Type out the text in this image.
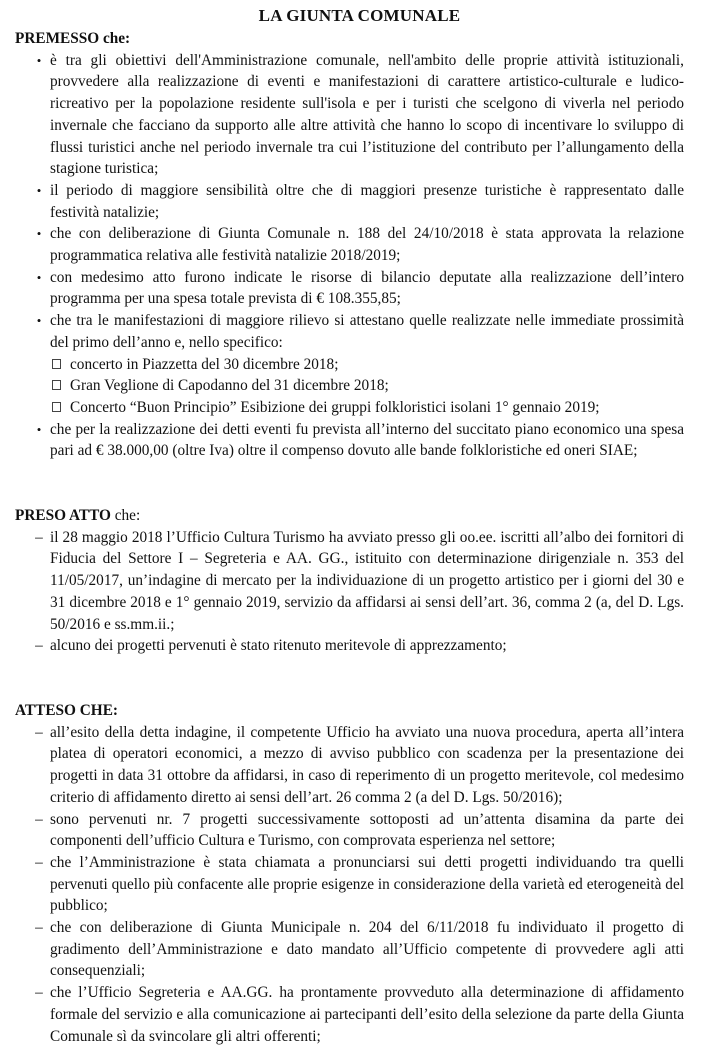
LA GIUNTA COMUNALE

PREMESSO che:

• è tra gli obiettivi dell'Amministrazione comunale, nell'ambito delle proprie attività istituzionali, provvedere alla realizzazione di eventi e manifestazioni di carattere artistico-culturale e ludico-ricreativo per la popolazione residente sull'isola e per i turisti che scelgono di viverla nel periodo invernale che facciano da supporto alle altre attività che hanno lo scopo di incentivare lo sviluppo di flussi turistici anche nel periodo invernale tra cui l’istituzione del contributo per l’allungamento della stagione turistica;
• il periodo di maggiore sensibilità oltre che di maggiori presenze turistiche è rappresentato dalle festività natalizie;
• che con deliberazione di Giunta Comunale n. 188 del 24/10/2018 è stata approvata la relazione programmatica relativa alle festività natalizie 2018/2019;
• con medesimo atto furono indicate le risorse di bilancio deputate alla realizzazione dell’intero programma per una spesa totale prevista di € 108.355,85;
• che tra le manifestazioni di maggiore rilievo si attestano quelle realizzate nelle immediate prossimità del primo dell’anno e, nello specifico:
concerto in Piazzetta del 30 dicembre 2018;
Gran Veglione di Capodanno del 31 dicembre 2018;
Concerto “Buon Principio” Esibizione dei gruppi folkloristici isolani 1° gennaio 2019;
• che per la realizzazione dei detti eventi fu prevista all’interno del succitato piano economico una spesa pari ad € 38.000,00 (oltre Iva) oltre il compenso dovuto alle bande folkloristiche ed oneri SIAE;

PRESO ATTO che:

– il 28 maggio 2018 l’Ufficio Cultura Turismo ha avviato presso gli oo.ee. iscritti all’albo dei fornitori di Fiducia del Settore I – Segreteria e AA. GG., istituito con determinazione dirigenziale n. 353 del 11/05/2017, un’indagine di mercato per la individuazione di un progetto artistico per i giorni del 30 e 31 dicembre 2018 e 1° gennaio 2019, servizio da affidarsi ai sensi dell’art. 36, comma 2 (a, del D. Lgs. 50/2016 e ss.mm.ii.;
– alcuno dei progetti pervenuti è stato ritenuto meritevole di apprezzamento;

ATTESO CHE:

– all’esito della detta indagine, il competente Ufficio ha avviato una nuova procedura, aperta all’intera platea di operatori economici, a mezzo di avviso pubblico con scadenza per la presentazione dei progetti in data 31 ottobre da affidarsi, in caso di reperimento di un progetto meritevole, col medesimo criterio di affidamento diretto ai sensi dell’art. 26 comma 2 (a del D. Lgs. 50/2016);
– sono pervenuti nr. 7 progetti successivamente sottoposti ad un’attenta disamina da parte dei componenti dell’ufficio Cultura e Turismo, con comprovata esperienza nel settore;
– che l’Amministrazione è stata chiamata a pronunciarsi sui detti progetti individuando tra quelli pervenuti quello più confacente alle proprie esigenze in considerazione della varietà ed eterogeneità del pubblico;
– che con deliberazione di Giunta Municipale n. 204 del 6/11/2018 fu individuato il progetto di gradimento dell’Amministrazione e dato mandato all’Ufficio competente di provvedere agli atti consequenziali;
– che l’Ufficio Segreteria e AA.GG. ha prontamente provveduto alla determinazione di affidamento formale del servizio e alla comunicazione ai partecipanti dell’esito della selezione da parte della Giunta Comunale sì da svincolare gli altri offerenti;
